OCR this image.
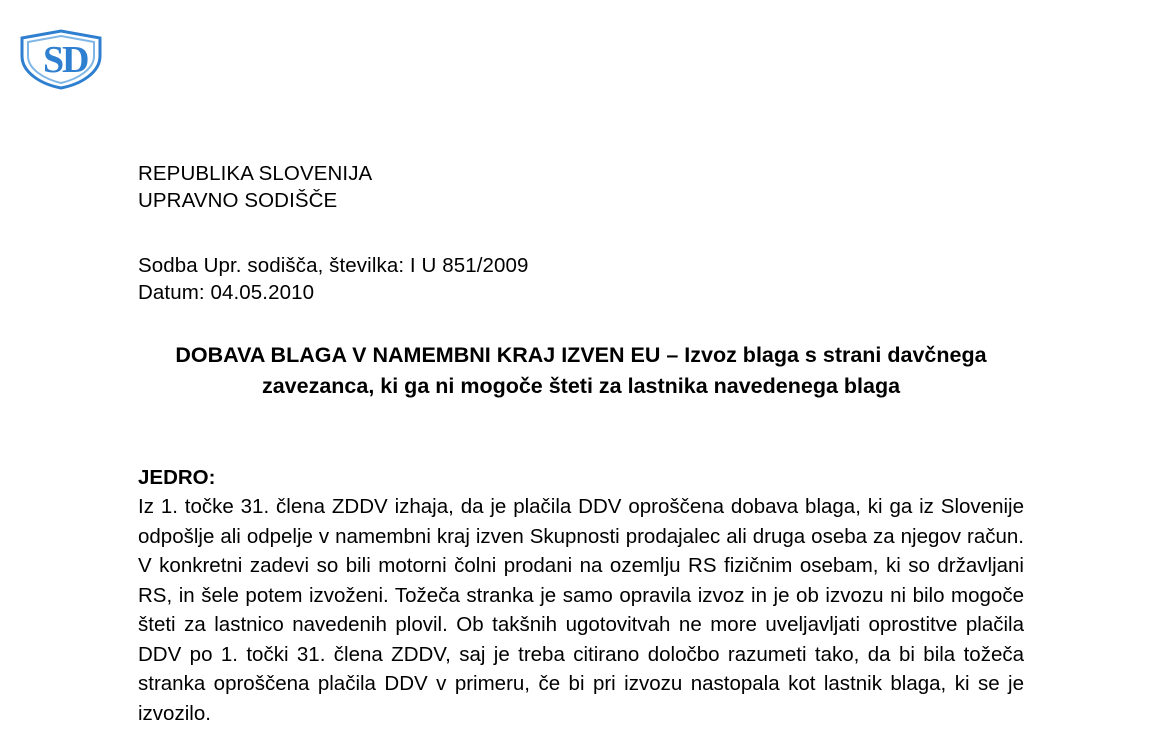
S
D
REPUBLIKA SLOVENIJA
UPRAVNO SODIŠČE
Sodba Upr. sodišča, številka: I U 851/2009
Datum: 04.05.2010
DOBAVA BLAGA V NAMEMBNI KRAJ IZVEN EU – Izvoz blaga s strani davčnega zavezanca, ki ga ni mogoče šteti za lastnika navedenega blaga
JEDRO:
Iz 1. točke 31. člena ZDDV izhaja, da je plačila DDV oproščena dobava blaga, ki ga iz Slovenije odpošlje ali odpelje v namembni kraj izven Skupnosti prodajalec ali druga oseba za njegov račun. V konkretni zadevi so bili motorni čolni prodani na ozemlju RS fizičnim osebam, ki so državljani RS, in šele potem izvoženi. Tožeča stranka je samo opravila izvoz in je ob izvozu ni bilo mogoče šteti za lastnico navedenih plovil. Ob takšnih ugotovitvah ne more uveljavljati oprostitve plačila DDV po 1. točki 31. člena ZDDV, saj je treba citirano določbo razumeti tako, da bi bila tožeča stranka oproščena plačila DDV v primeru, če bi pri izvozu nastopala kot lastnik blaga, ki se je izvozilo.
